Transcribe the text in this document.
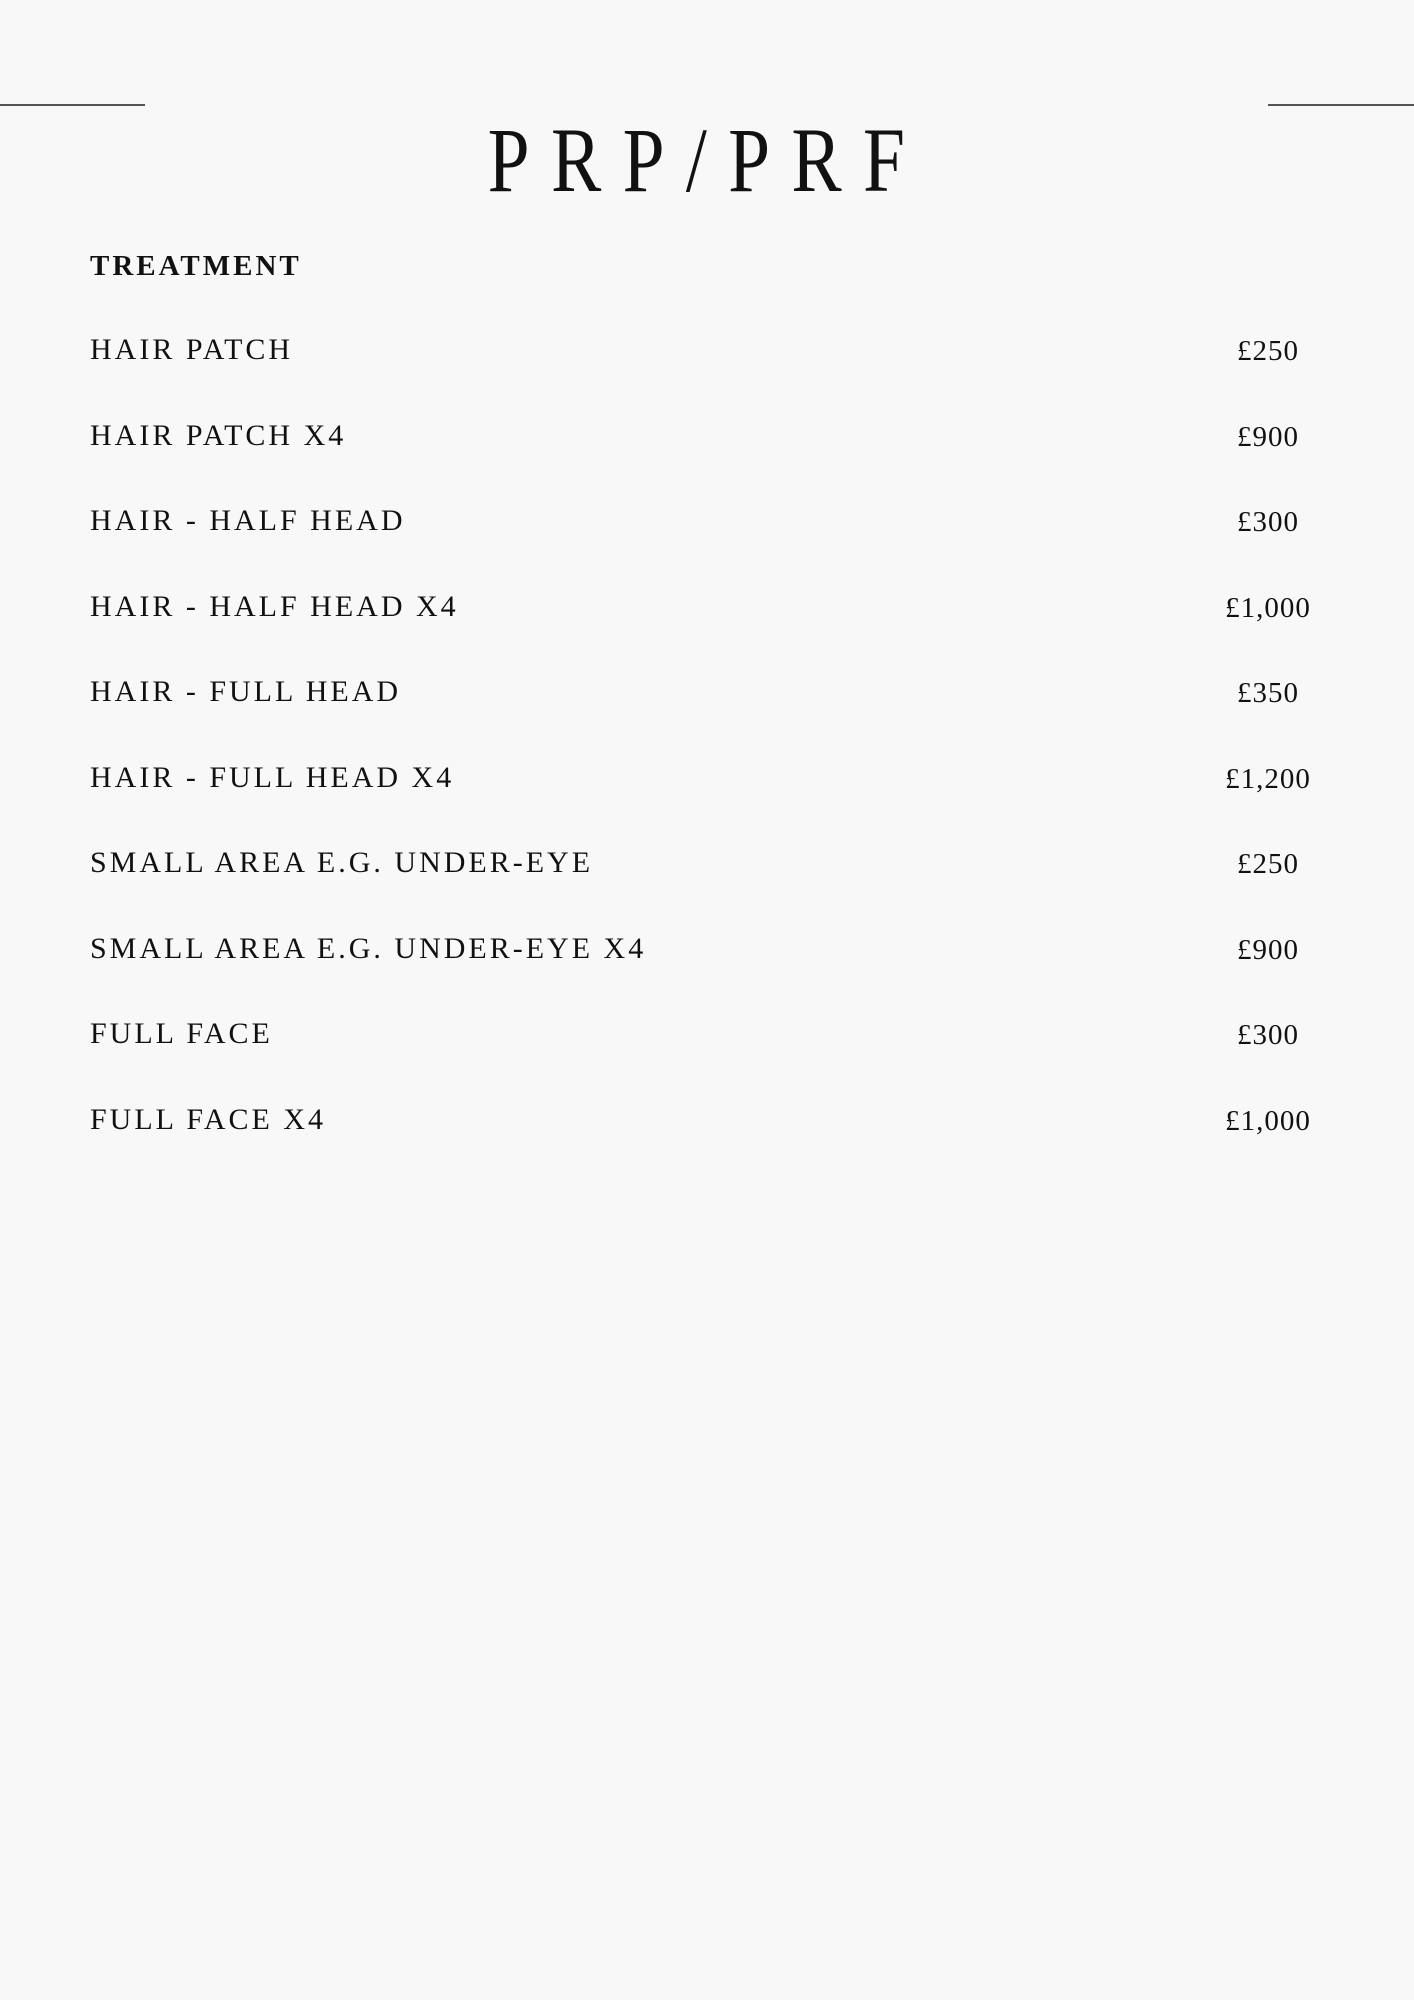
PRP/PRF
TREATMENT
HAIR PATCH	£250
HAIR PATCH X4	£900
HAIR - HALF HEAD	£300
HAIR - HALF HEAD X4	£1,000
HAIR - FULL HEAD	£350
HAIR - FULL HEAD X4	£1,200
SMALL AREA E.G. UNDER-EYE	£250
SMALL AREA E.G. UNDER-EYE X4	£900
FULL FACE	£300
FULL FACE X4	£1,000
